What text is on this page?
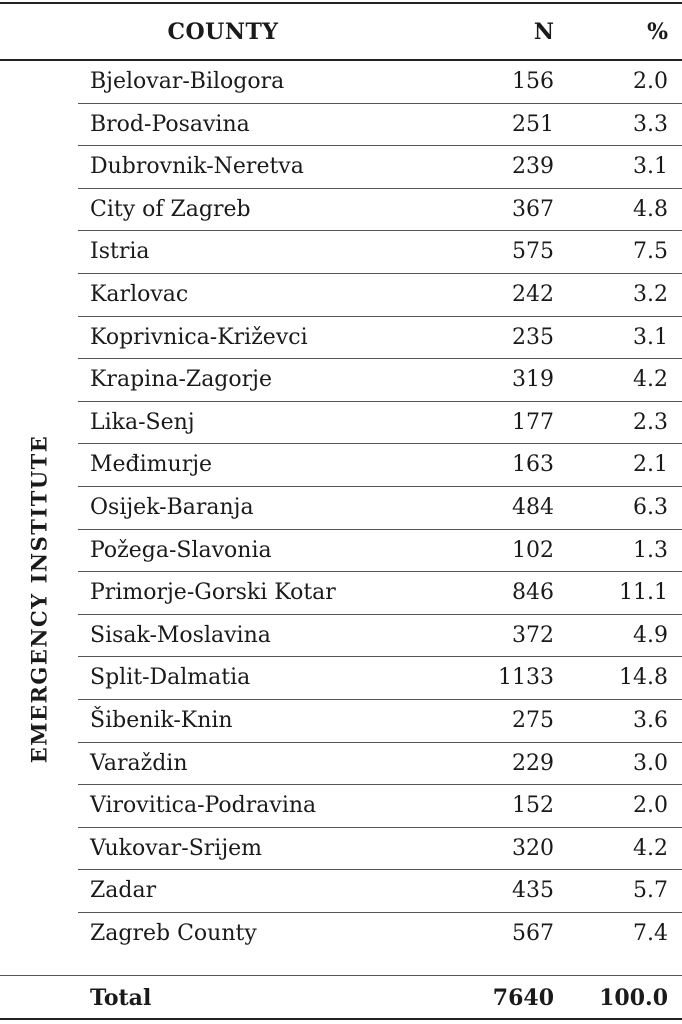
COUNTY	N	%
EMERGENCY INSTITUTE
Bjelovar-Bilogora	156	2.0
Brod-Posavina	251	3.3
Dubrovnik-Neretva	239	3.1
City of Zagreb	367	4.8
Istria	575	7.5
Karlovac	242	3.2
Koprivnica-Križevci	235	3.1
Krapina-Zagorje	319	4.2
Lika-Senj	177	2.3
Međimurje	163	2.1
Osijek-Baranja	484	6.3
Požega-Slavonia	102	1.3
Primorje-Gorski Kotar	846	11.1
Sisak-Moslavina	372	4.9
Split-Dalmatia	1133	14.8
Šibenik-Knin	275	3.6
Varaždin	229	3.0
Virovitica-Podravina	152	2.0
Vukovar-Srijem	320	4.2
Zadar	435	5.7
Zagreb County	567	7.4
Total	7640 100.0
